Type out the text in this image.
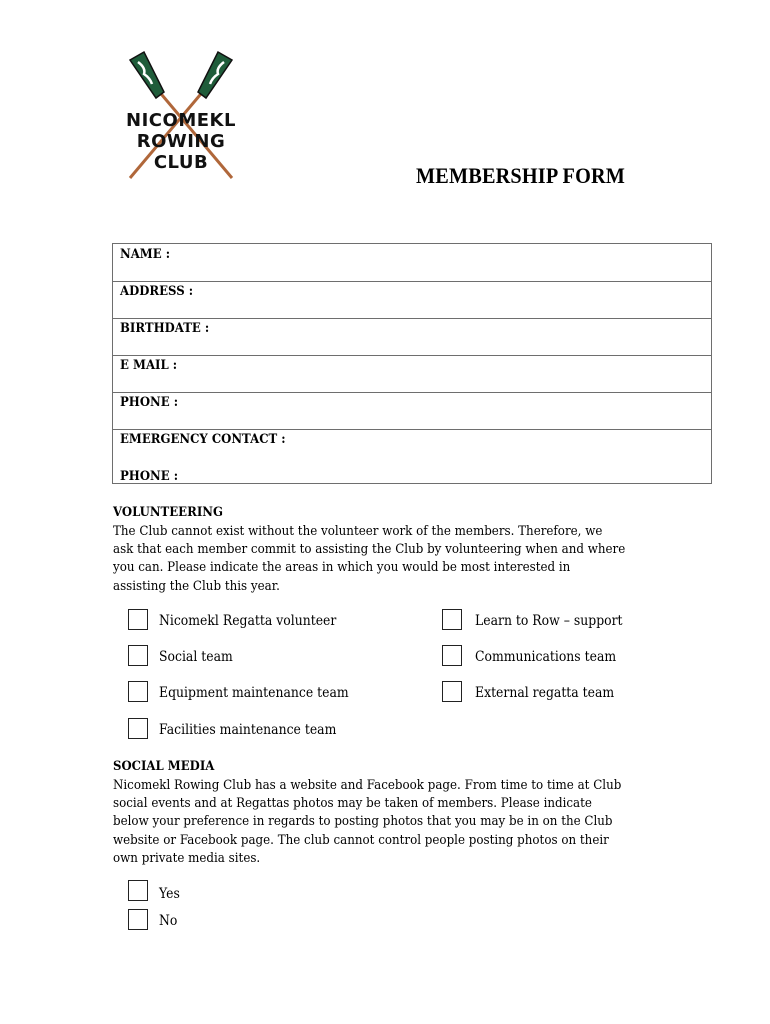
NICOMEKL
ROWING
CLUB
MEMBERSHIP FORM
NAME :
ADDRESS :
BIRTHDATE :
E MAIL :
PHONE :
EMERGENCY CONTACT :
PHONE :
VOLUNTEERING
The Club cannot exist without the volunteer work of the members. Therefore, we
ask that each member commit to assisting the Club by volunteering when and where
you can. Please indicate the areas in which you would be most interested in
assisting the Club this year.
Nicomekl Regatta volunteer	Learn to Row – support
Social team	Communications team
Equipment maintenance team	External regatta team
Facilities maintenance team
SOCIAL MEDIA
Nicomekl Rowing Club has a website and Facebook page. From time to time at Club
social events and at Regattas photos may be taken of members. Please indicate
below your preference in regards to posting photos that you may be in on the Club
website or Facebook page. The club cannot control people posting photos on their
own private media sites.
Yes
No
